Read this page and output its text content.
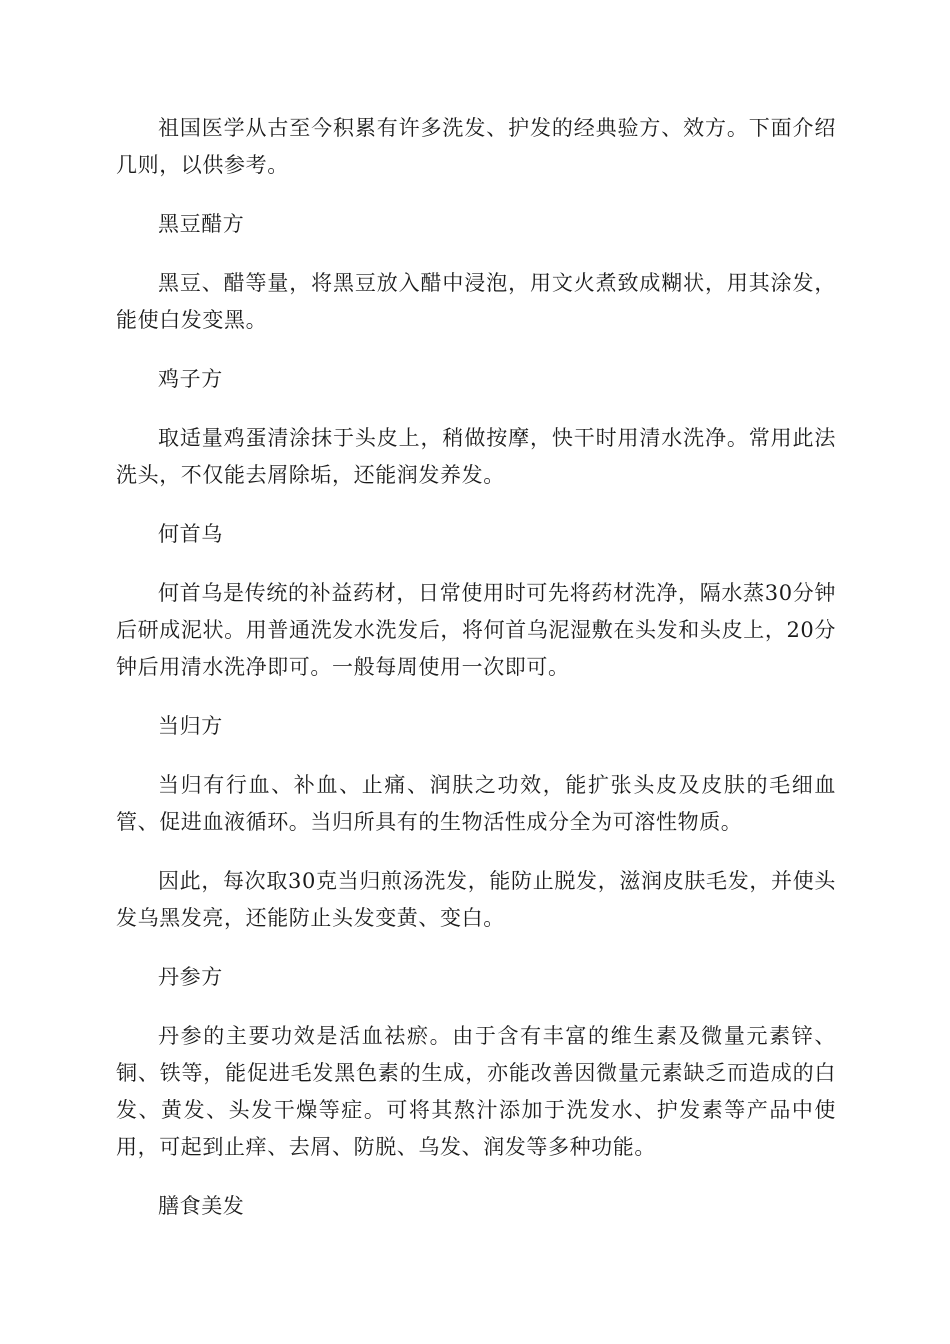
祖国医学从古至今积累有许多洗发、护发的经典验方、效方。下面介绍几则，以供参考。

黑豆醋方

黑豆、醋等量，将黑豆放入醋中浸泡，用文火煮致成糊状，用其涂发，能使白发变黑。

鸡子方

取适量鸡蛋清涂抹于头皮上，稍做按摩，快干时用清水洗净。常用此法洗头，不仅能去屑除垢，还能润发养发。

何首乌

何首乌是传统的补益药材，日常使用时可先将药材洗净，隔水蒸30分钟后研成泥状。用普通洗发水洗发后，将何首乌泥湿敷在头发和头皮上，20分钟后用清水洗净即可。一般每周使用一次即可。

当归方

当归有行血、补血、止痛、润肤之功效，能扩张头皮及皮肤的毛细血管、促进血液循环。当归所具有的生物活性成分全为可溶性物质。

因此，每次取30克当归煎汤洗发，能防止脱发，滋润皮肤毛发，并使头发乌黑发亮，还能防止头发变黄、变白。

丹参方

丹参的主要功效是活血祛瘀。由于含有丰富的维生素及微量元素锌、铜、铁等，能促进毛发黑色素的生成，亦能改善因微量元素缺乏而造成的白发、黄发、头发干燥等症。可将其熬汁添加于洗发水、护发素等产品中使用，可起到止痒、去屑、防脱、乌发、润发等多种功能。

膳食美发
